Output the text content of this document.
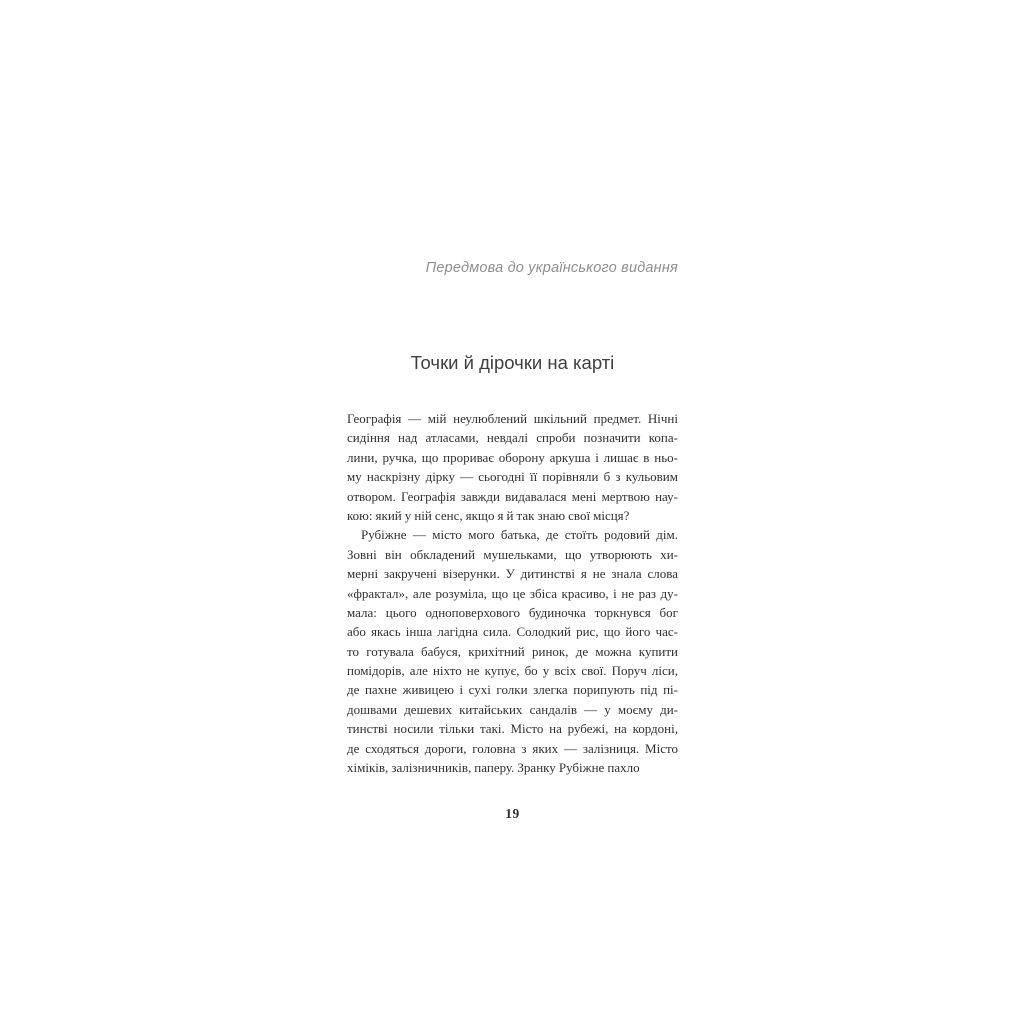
Передмова до українського видання
Точки й дірочки на карті
Географія — мій неулюблений шкільний предмет. Нічні
сидіння над атласами, невдалі спроби позначити копа-
лини, ручка, що прориває оборону аркуша і лишає в ньо-
му наскрізну дірку — сьогодні її порівняли б з кульовим
отвором. Географія завжди видавалася мені мертвою нау-
кою: який у ній сенс, якщо я й так знаю свої місця?
Рубіжне — місто мого батька, де стоїть родовий дім.
Зовні він обкладений мушельками, що утворюють хи-
мерні закручені візерунки. У дитинстві я не знала слова
«фрактал», але розуміла, що це збіса красиво, і не раз ду-
мала: цього одноповерхового будиночка торкнувся бог
або якась інша лагідна сила. Солодкий рис, що його час-
то готувала бабуся, крихітний ринок, де можна купити
помідорів, але ніхто не купує, бо у всіх свої. Поруч ліси,
де пахне живицею і сухі голки злегка порипують під пі-
дошвами дешевих китайських сандалів — у моєму ди-
тинстві носили тільки такі. Місто на рубежі, на кордоні,
де сходяться дороги, головна з яких — залізниця. Місто
хіміків, залізничників, паперу. Зранку Рубіжне пахло
19
